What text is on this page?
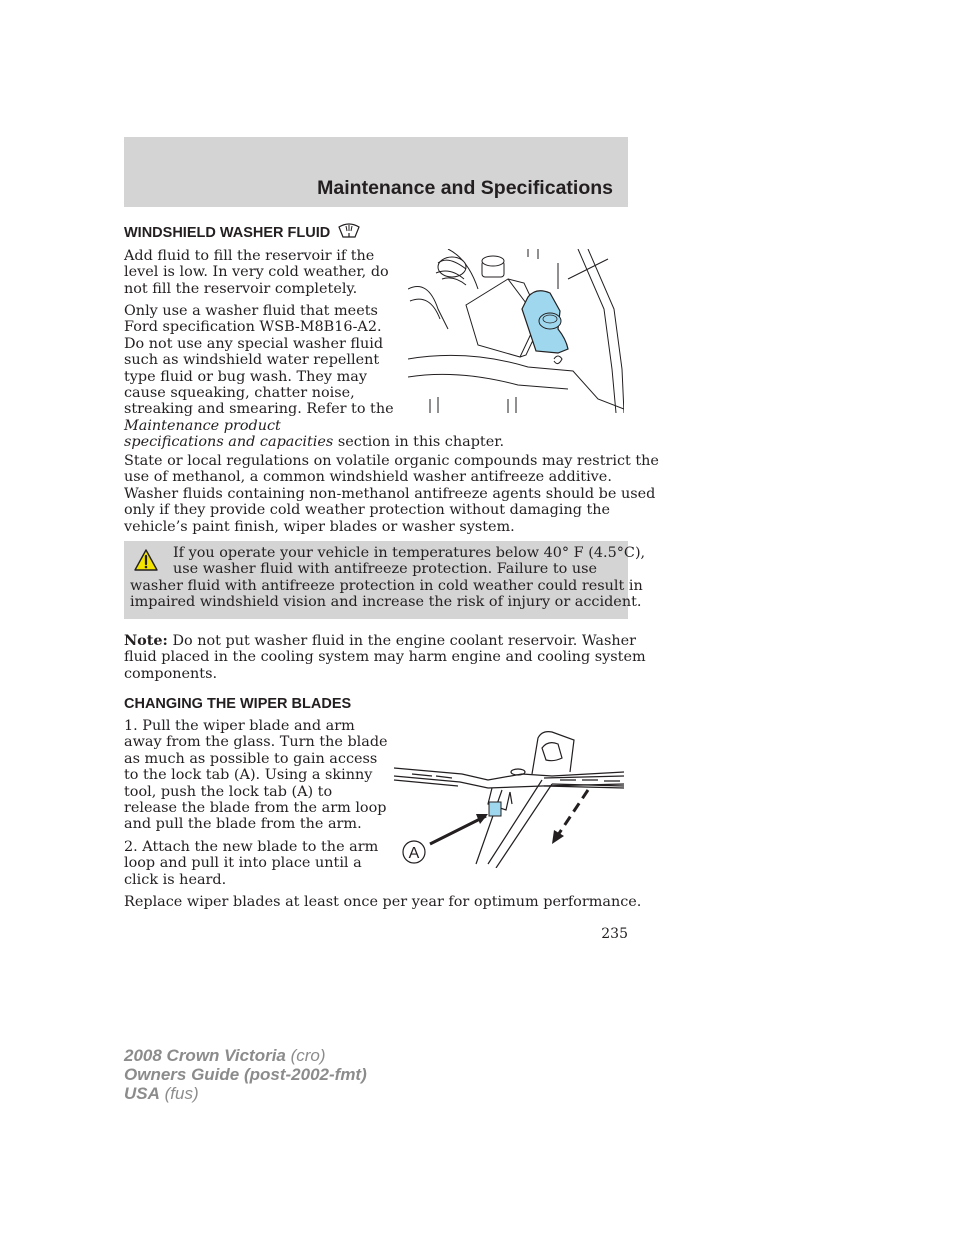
Maintenance and Specifications
WINDSHIELD WASHER FLUID

Add fluid to fill the reservoir if the
level is low. In very cold weather, do
not fill the reservoir completely.

Only use a washer fluid that meets
Ford specification WSB-M8B16-A2.
Do not use any special washer fluid
such as windshield water repellent
type fluid or bug wash. They may
cause squeaking, chatter noise,
streaking and smearing. Refer to the
Maintenance product
specifications and capacities section in this chapter.

State or local regulations on volatile organic compounds may restrict the
use of methanol, a common windshield washer antifreeze additive.
Washer fluids containing non-methanol antifreeze agents should be used
only if they provide cold weather protection without damaging the
vehicle’s paint finish, wiper blades or washer system.

If you operate your vehicle in temperatures below 40° F (4.5°C),
use washer fluid with antifreeze protection. Failure to use
washer fluid with antifreeze protection in cold weather could result in
impaired windshield vision and increase the risk of injury or accident.

Note: Do not put washer fluid in the engine coolant reservoir. Washer
fluid placed in the cooling system may harm engine and cooling system
components.

CHANGING THE WIPER BLADES

1. Pull the wiper blade and arm
away from the glass. Turn the blade
as much as possible to gain access
to the lock tab (A). Using a skinny
tool, push the lock tab (A) to
release the blade from the arm loop
and pull the blade from the arm.

2. Attach the new blade to the arm
loop and pull it into place until a
click is heard.

A

Replace wiper blades at least once per year for optimum performance.

235
2008 Crown Victoria (cro)
Owners Guide (post-2002-fmt)
USA (fus)
